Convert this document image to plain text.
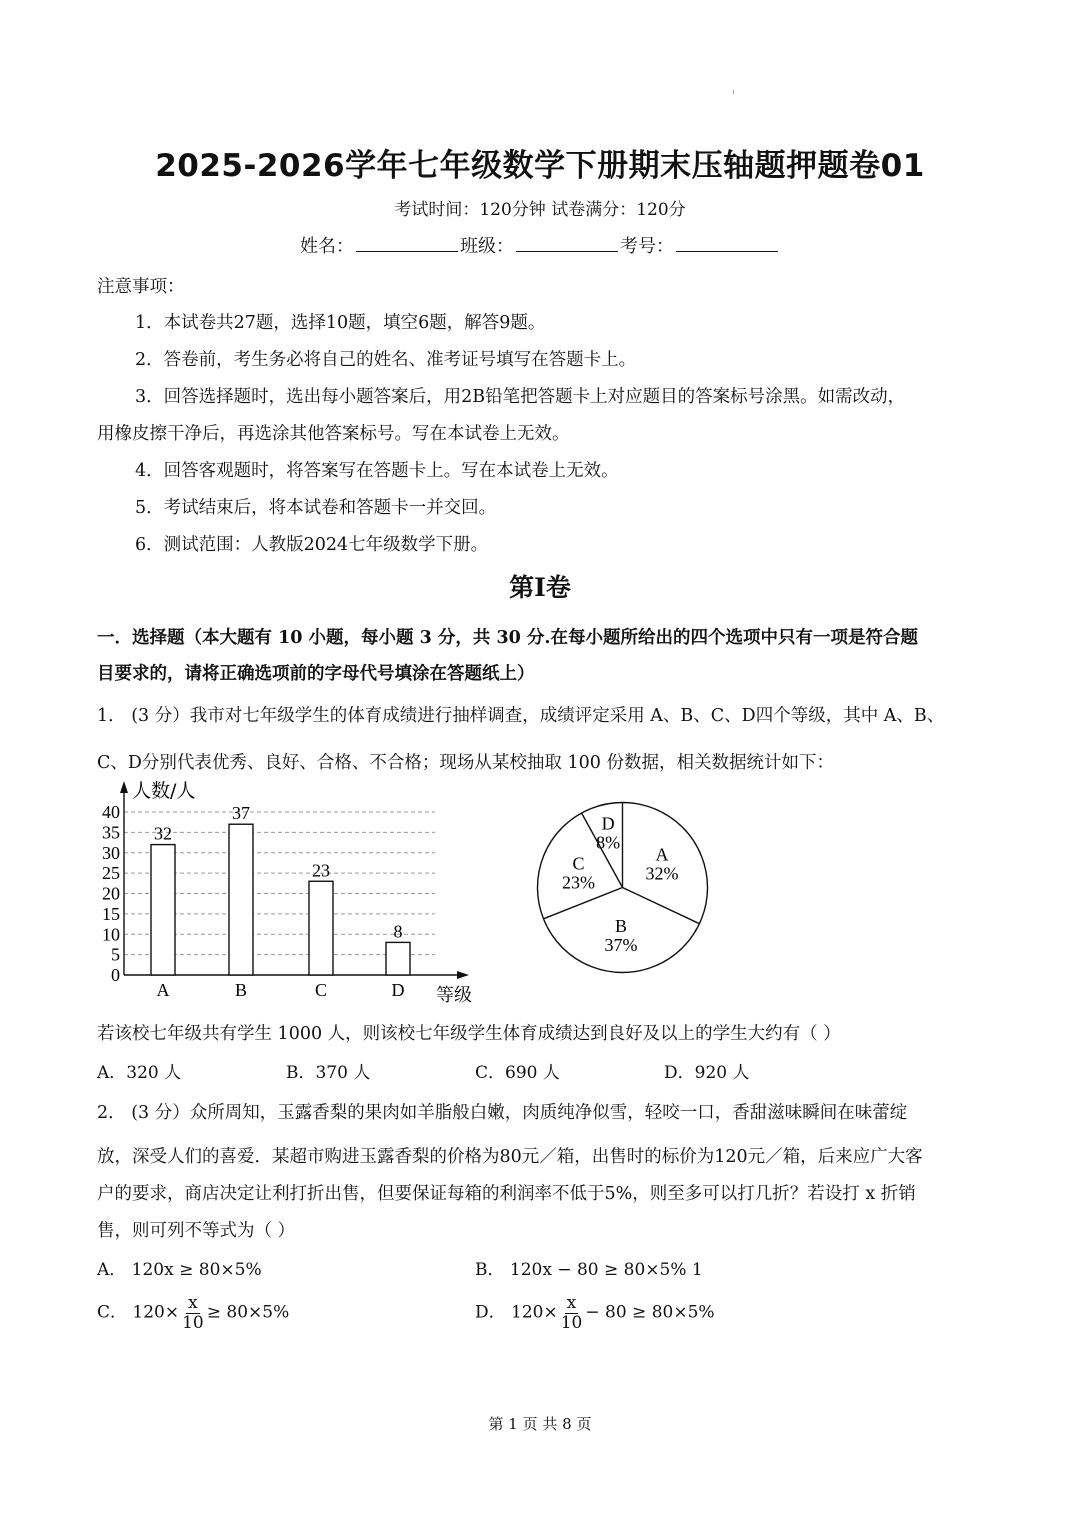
2025-2026学年七年级数学下册期末压轴题押题卷01
考试时间：120分钟 试卷满分：120分
姓名：	班级：	考号：
注意事项：
1．本试卷共27题，选择10题，填空6题，解答9题。
2．答卷前，考生务必将自己的姓名、准考证号填写在答题卡上。
3．回答选择题时，选出每小题答案后，用2B铅笔把答题卡上对应题目的答案标号涂黑。如需改动，
用橡皮擦干净后，再选涂其他答案标号。写在本试卷上无效。
4．回答客观题时，将答案写在答题卡上。写在本试卷上无效。
5．考试结束后，将本试卷和答题卡一并交回。
6．测试范围：人教版2024七年级数学下册。
第Ⅰ卷
一．选择题（本大题有 10 小题，每小题 3 分，共 30 分.在每小题所给出的四个选项中只有一项是符合题
目要求的，请将正确选项前的字母代号填涂在答题纸上）
1． (3 分）我市对七年级学生的体育成绩进行抽样调查，成绩评定采用 A、B、C、D四个等级，其中 A、B、
C、D分别代表优秀、良好、合格、不合格；现场从某校抽取 100 份数据，相关数据统计如下：
0
5
10
15
20
25
30
35
40
人数/人
等级
32
A
37
B
23
C
8
D
A
32%
B
37%
C
23%
D
8%
若该校七年级共有学生 1000 人，则该校七年级学生体育成绩达到良好及以上的学生大约有（ ）
A．320 人	B．370 人	C．690 人	D．920 人
2． (3 分）众所周知，玉露香梨的果肉如羊脂般白嫩，肉质纯净似雪，轻咬一口，香甜滋味瞬间在味蕾绽
放，深受人们的喜爱．某超市购进玉露香梨的价格为80元／箱，出售时的标价为120元／箱，后来应广大客
户的要求，商店决定让利打折出售，但要保证每箱的利润率不低于5%，则至多可以打几折？若设打 x 折销
售，则可列不等式为（ ）
A． 120x ≥ 80×5%	B． 120x − 80 ≥ 80×5% 1
C． $120\times \frac{x}{10} \ge 80\times 5\%$	D． $120\times \frac{x}{10} - 80 \ge 80\times 5\%$
第 1 页 共 8 页
